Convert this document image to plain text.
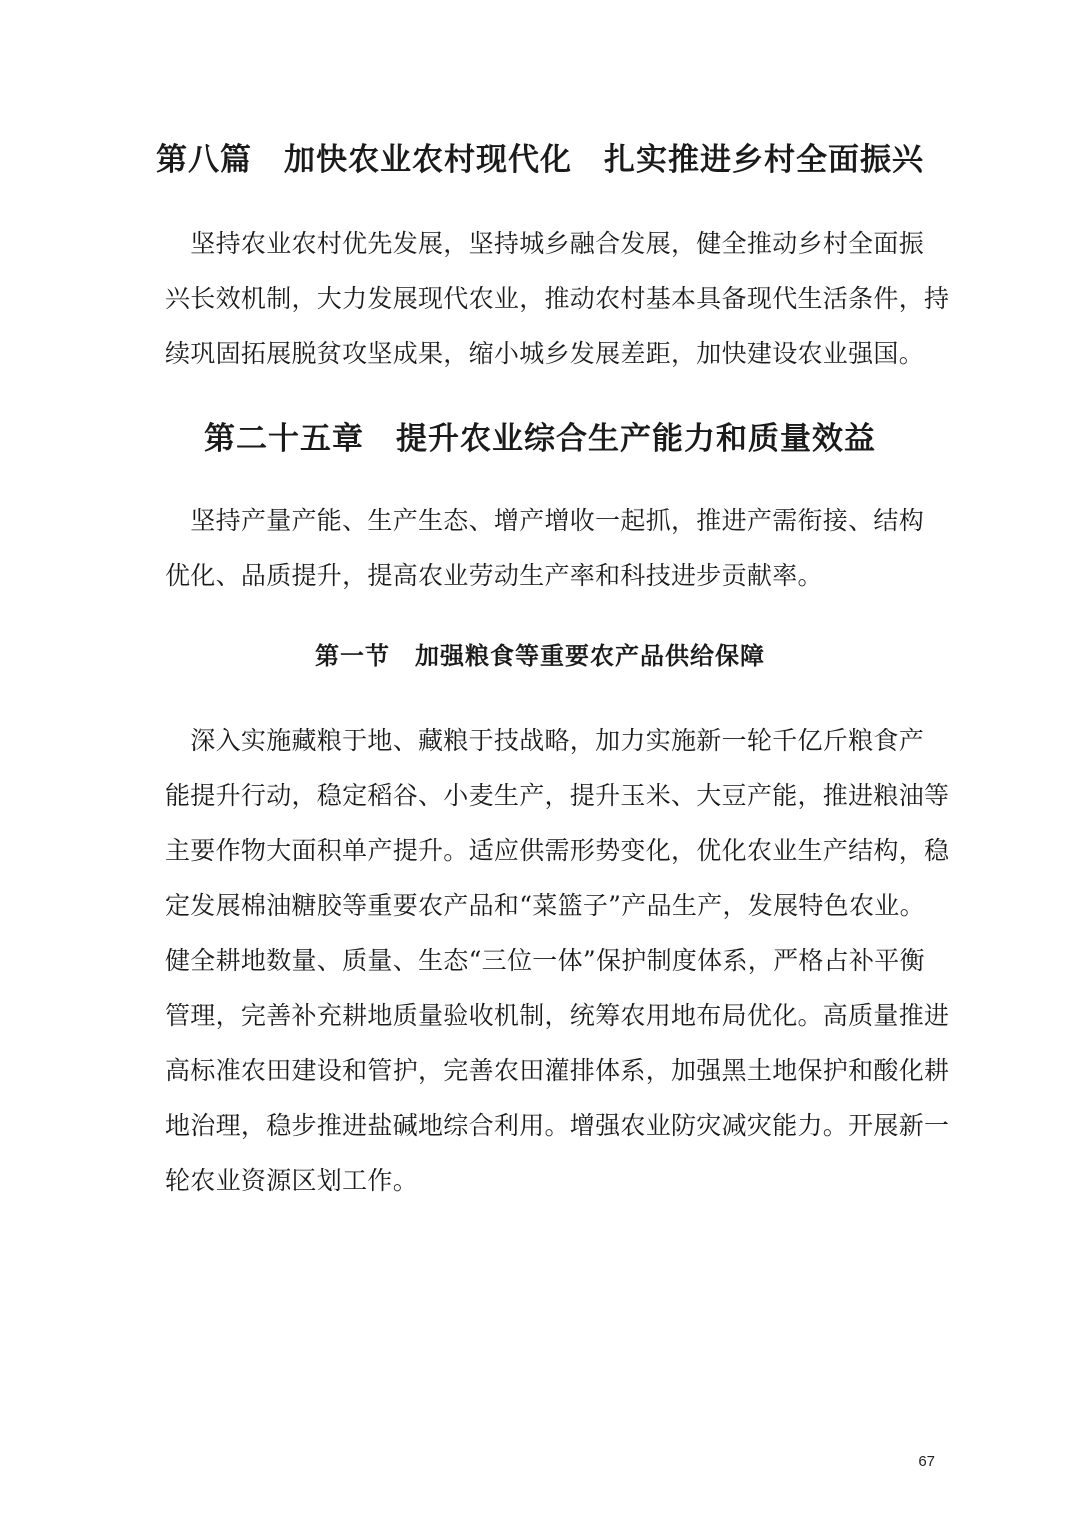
第八篇　加快农业农村现代化　扎实推进乡村全面振兴
　坚持农业农村优先发展，坚持城乡融合发展，健全推动乡村全面振
兴长效机制，大力发展现代农业，推动农村基本具备现代生活条件，持
续巩固拓展脱贫攻坚成果，缩小城乡发展差距，加快建设农业强国。
第二十五章　提升农业综合生产能力和质量效益
　坚持产量产能、生产生态、增产增收一起抓，推进产需衔接、结构
优化、品质提升，提高农业劳动生产率和科技进步贡献率。
第一节　加强粮食等重要农产品供给保障
　深入实施藏粮于地、藏粮于技战略，加力实施新一轮千亿斤粮食产
能提升行动，稳定稻谷、小麦生产，提升玉米、大豆产能，推进粮油等
主要作物大面积单产提升。适应供需形势变化，优化农业生产结构，稳
定发展棉油糖胶等重要农产品和“菜篮子”产品生产，发展特色农业。
健全耕地数量、质量、生态“三位一体”保护制度体系，严格占补平衡
管理，完善补充耕地质量验收机制，统筹农用地布局优化。高质量推进
高标准农田建设和管护，完善农田灌排体系，加强黑土地保护和酸化耕
地治理，稳步推进盐碱地综合利用。增强农业防灾减灾能力。开展新一
轮农业资源区划工作。
67
